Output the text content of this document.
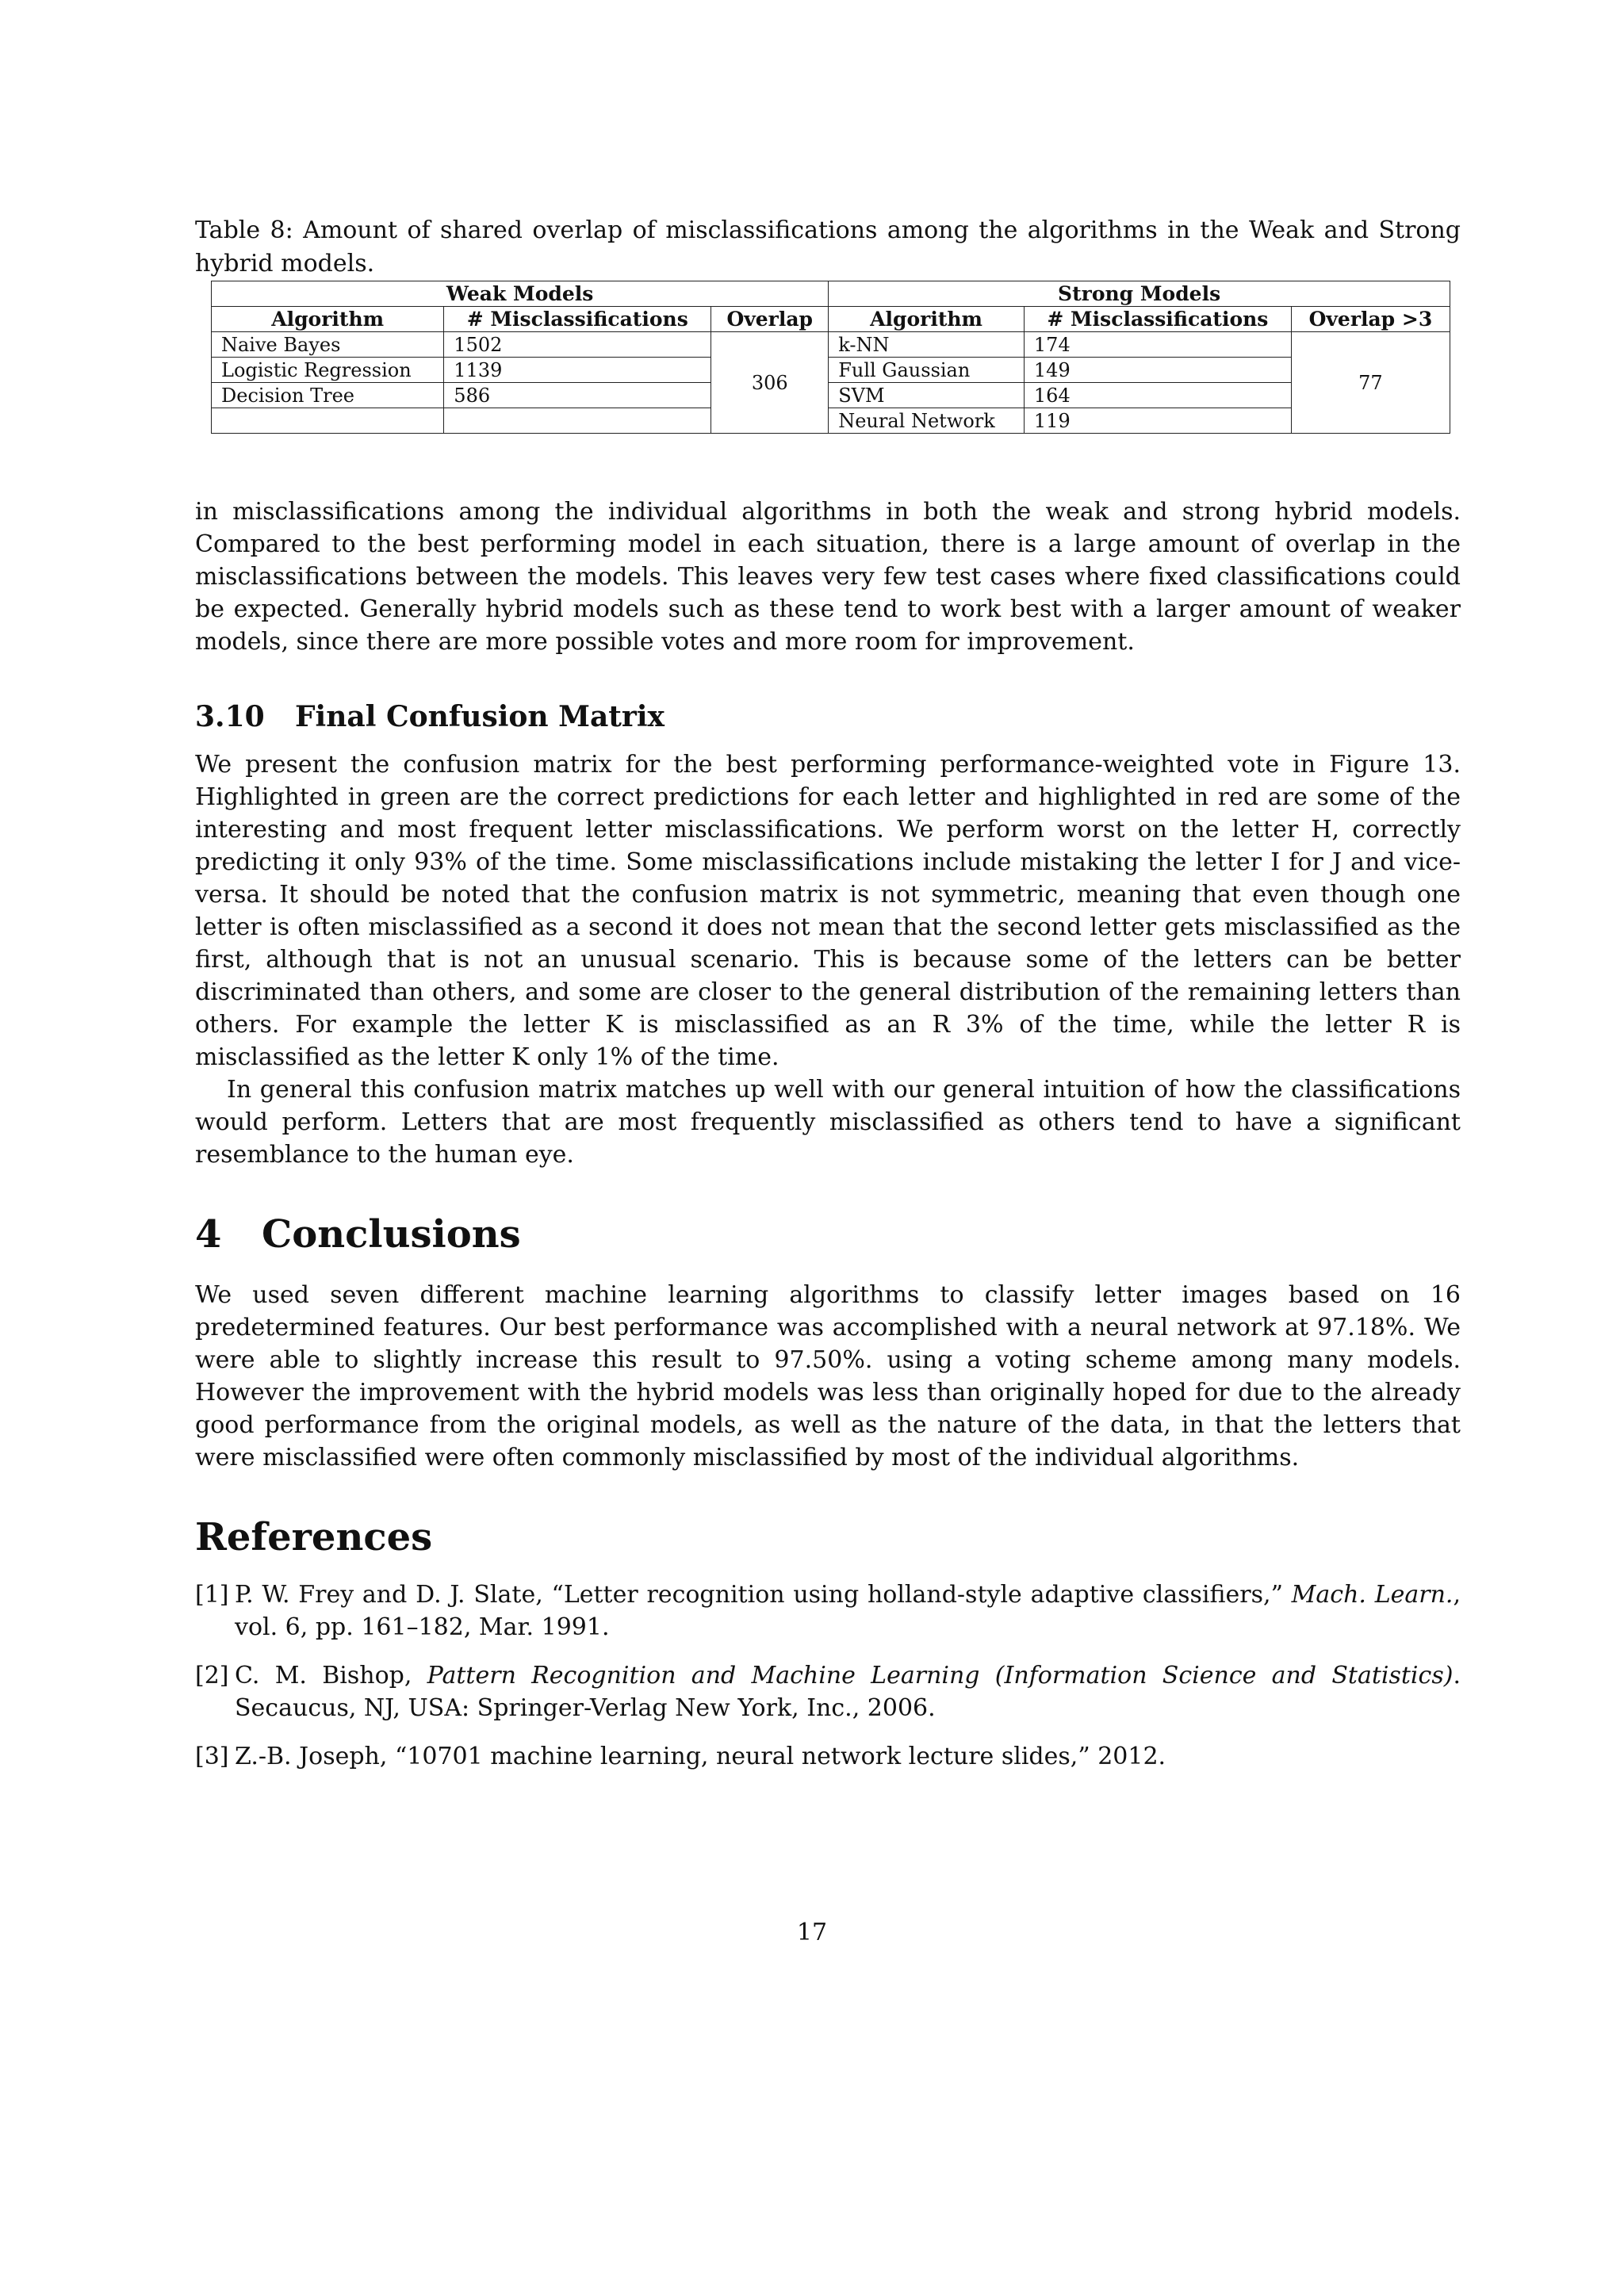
Table 8: Amount of shared overlap of misclassifications among the algorithms in the Weak and Strong hybrid models.

Weak Models			Strong Models		
Algorithm	# Misclassifications	Overlap	Algorithm	# Misclassifications	Overlap >3
Naive Bayes	1502	306	k-NN	174	77
Logistic Regression	1139		Full Gaussian	149	
Decision Tree	586		SVM	164	
			Neural Network	119	

in misclassifications among the individual algorithms in both the weak and strong hybrid models. Compared to the best performing model in each situation, there is a large amount of overlap in the misclassifications between the models. This leaves very few test cases where fixed classifications could be expected. Generally hybrid models such as these tend to work best with a larger amount of weaker models, since there are more possible votes and more room for improvement.

3.10 Final Confusion Matrix

We present the confusion matrix for the best performing performance-weighted vote in Figure 13. Highlighted in green are the correct predictions for each letter and highlighted in red are some of the interesting and most frequent letter misclassifications. We perform worst on the letter H, correctly predicting it only 93% of the time. Some misclassifications include mistaking the letter I for J and vice-versa. It should be noted that the confusion matrix is not symmetric, meaning that even though one letter is often misclassified as a second it does not mean that the second letter gets misclassified as the first, although that is not an unusual scenario. This is because some of the letters can be better discriminated than others, and some are closer to the general distribution of the remaining letters than others. For example the letter K is misclassified as an R 3% of the time, while the letter R is misclassified as the letter K only 1% of the time.

In general this confusion matrix matches up well with our general intuition of how the classifications would perform. Letters that are most frequently misclassified as others tend to have a significant resemblance to the human eye.

4 Conclusions

We used seven different machine learning algorithms to classify letter images based on 16 predetermined features. Our best performance was accomplished with a neural network at 97.18%. We were able to slightly increase this result to 97.50%. using a voting scheme among many models. However the improvement with the hybrid models was less than originally hoped for due to the already good performance from the original models, as well as the nature of the data, in that the letters that were misclassified were often commonly misclassified by most of the individual algorithms.

References
[1] P. W. Frey and D. J. Slate, “Letter recognition using holland-style adaptive classifiers,” Mach. Learn., vol. 6, pp. 161–182, Mar. 1991.
[2] C. M. Bishop, Pattern Recognition and Machine Learning (Information Science and Statistics). Secaucus, NJ, USA: Springer-Verlag New York, Inc., 2006.
[3] Z.-B. Joseph, “10701 machine learning, neural network lecture slides,” 2012.
17
